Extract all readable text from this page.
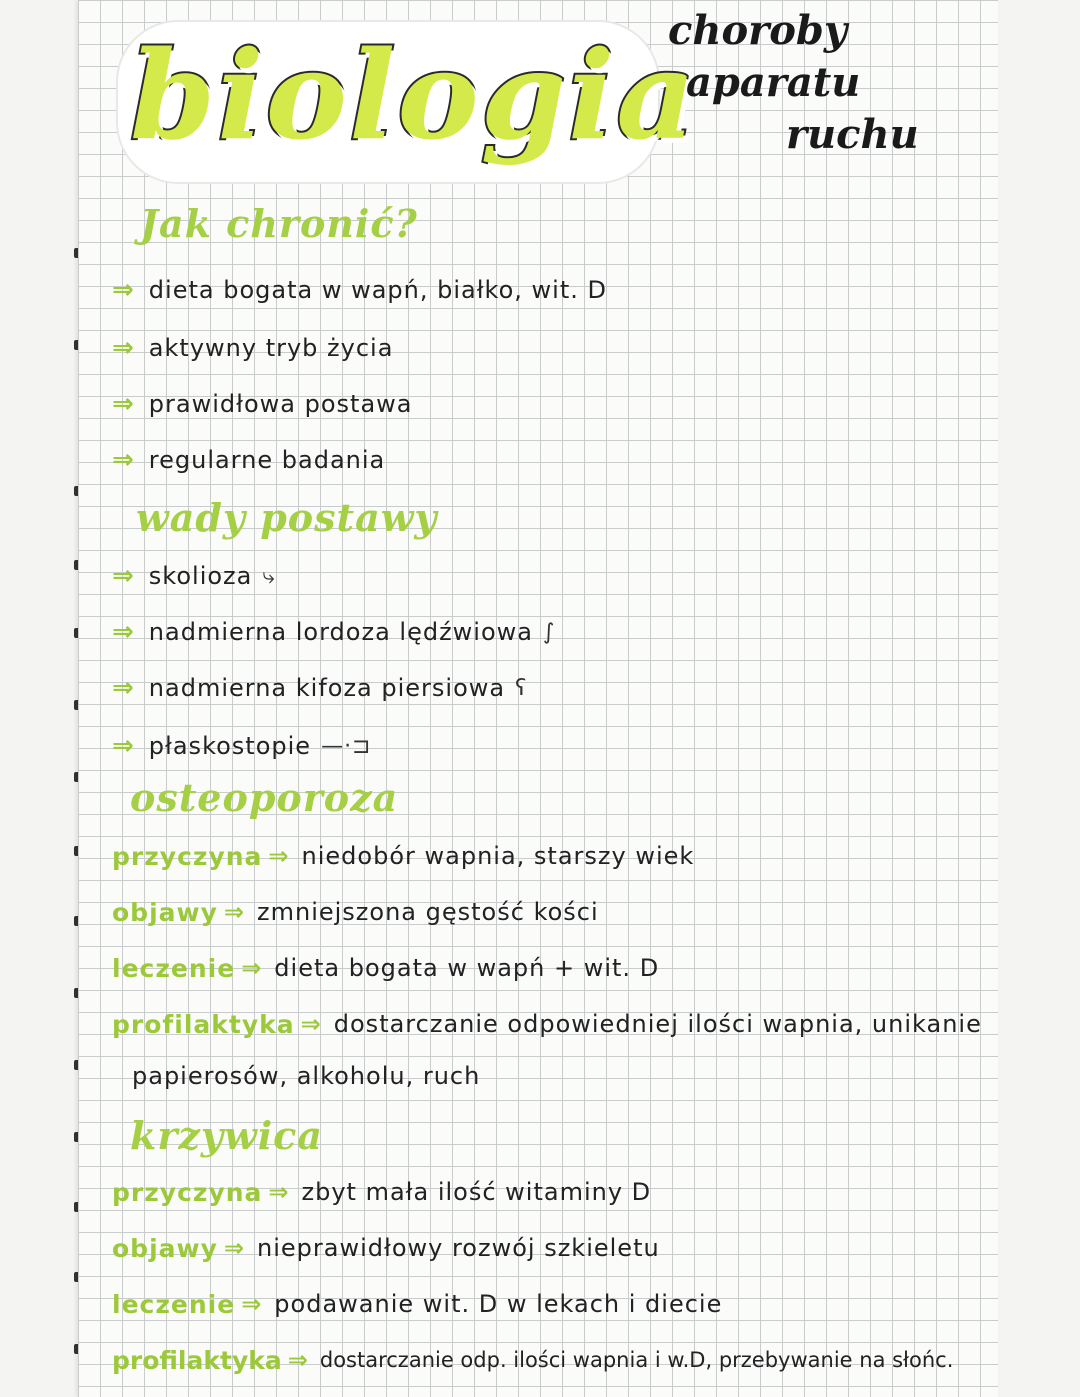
biologia
choroby
aparatu
ruchu
Jak chronić?
⇒ dieta bogata w wapń, białko, wit. D
⇒ aktywny tryb życia
⇒ prawidłowa postawa
⇒ regularne badania
wady postawy
⇒ skolioza ⤷
⇒ nadmierna lordoza lędźwiowa ∫
⇒ nadmierna kifoza piersiowa ʕ
⇒ płaskostopie —·⊐
osteoporoza
przyczyna ⇒ niedobór wapnia, starszy wiek
objawy ⇒ zmniejszona gęstość kości
leczenie ⇒ dieta bogata w wapń + wit. D
profilaktyka ⇒ dostarczanie odpowiedniej ilości wapnia, unikanie
papierosów, alkoholu, ruch
krzywica
przyczyna ⇒ zbyt mała ilość witaminy D
objawy ⇒ nieprawidłowy rozwój szkieletu
leczenie ⇒ podawanie wit. D w lekach i diecie
profilaktyka ⇒ dostarczanie odp. ilości wapnia i w.D, przebywanie na słońc.
